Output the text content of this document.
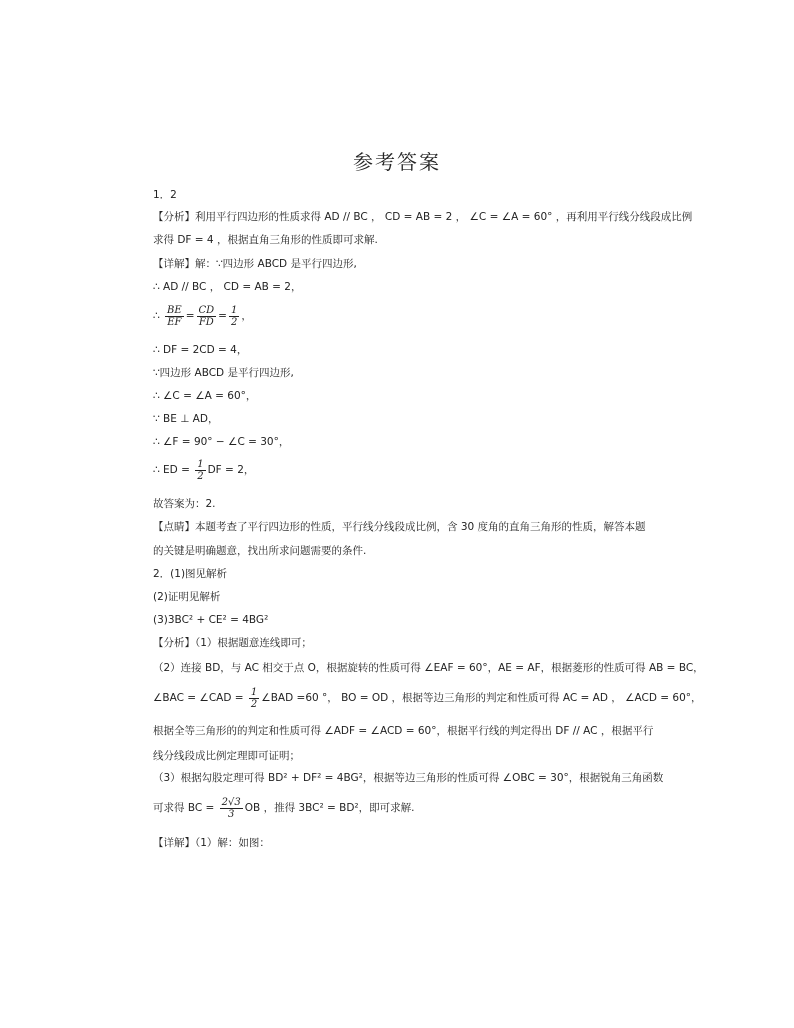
参考答案
1．2
【分析】利用平行四边形的性质求得 AD // BC ， CD = AB = 2 ， ∠C = ∠A = 60° ，再利用平行线分线段成比例
求得 DF = 4 ，根据直角三角形的性质即可求解.
【详解】解：∵四边形 ABCD 是平行四边形,
∴ AD // BC ， CD = AB = 2，
∴ $\frac{BE}{EF} = \frac{CD}{FD} = \frac{1}{2}$ ，
∴ DF = 2CD = 4，
∵四边形 ABCD 是平行四边形,
∴ ∠C = ∠A = 60°，
∵ BE ⊥ AD，
∴ ∠F = 90° − ∠C = 30°，
∴ ED = $\frac{1}{2}$ DF = 2，
故答案为：2.
【点睛】本题考查了平行四边形的性质，平行线分线段成比例，含 30 度角的直角三角形的性质，解答本题
的关键是明确题意，找出所求问题需要的条件.
2．(1)图见解析
(2)证明见解析
(3)3BC² + CE² = 4BG²
【分析】（1）根据题意连线即可；
（2）连接 BD，与 AC 相交于点 O，根据旋转的性质可得 ∠EAF = 60°，AE = AF，根据菱形的性质可得 AB = BC，
∠BAC = ∠CAD = $\frac{1}{2}$ ∠BAD =60 °， BO = OD ，根据等边三角形的判定和性质可得 AC = AD ， ∠ACD = 60°，
根据全等三角形的的判定和性质可得 ∠ADF = ∠ACD = 60°，根据平行线的判定得出 DF // AC ，根据平行
线分线段成比例定理即可证明；
（3）根据勾股定理可得 BD² + DF² = 4BG²，根据等边三角形的性质可得 ∠OBC = 30°，根据锐角三角函数
可求得 BC = $\frac{2√3}{3}$ OB ，推得 3BC² = BD²，即可求解.
【详解】（1）解：如图：
